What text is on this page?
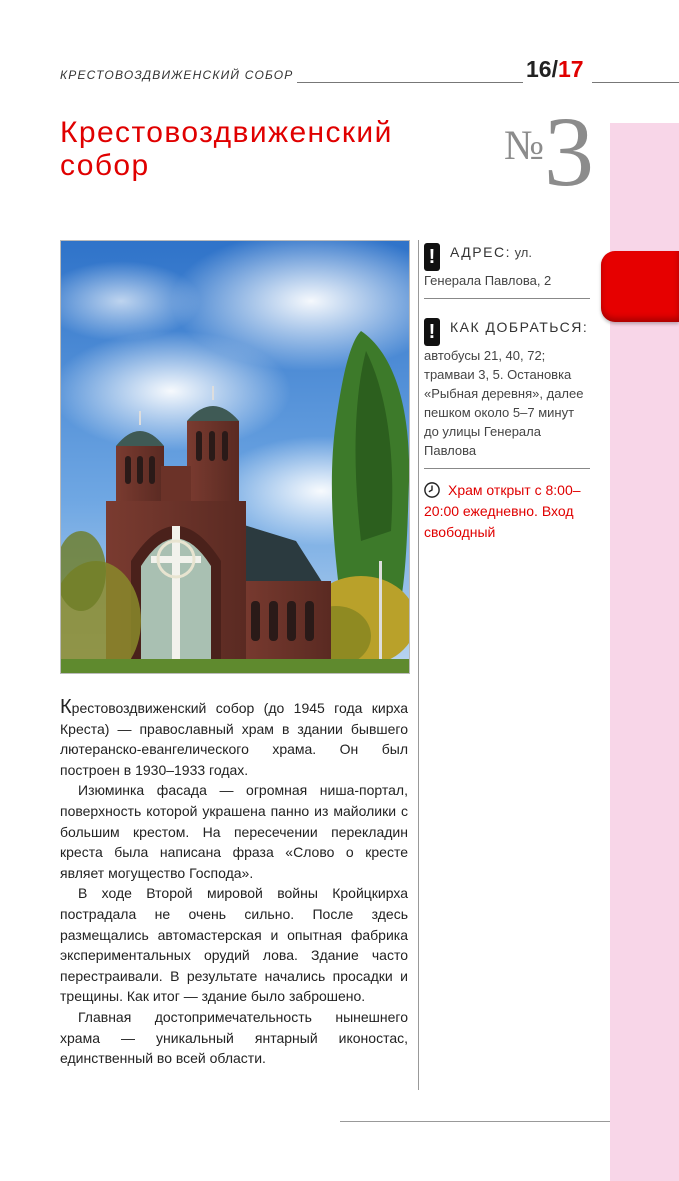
КРЕСТОВОЗДВИЖЕНСКИЙ СОБОР	16/17
Крестовоздвиженский
собор	№ 3
! АДРЕС: ул. Генерала Павлова, 2
! КАК ДОБРАТЬСЯ: автобусы 21, 40, 72; трамваи 3, 5. Остановка «Рыбная деревня», далее пешком около 5–7 минут до улицы Генерала Павлова
Храм открыт с 8:00–20:00 ежедневно. Вход свободный

Крестовоздвиженский собор (до 1945 года кирха Креста) — православный храм в здании бывшего лютеранско-евангелического храма. Он был построен в 1930–1933 годах.

Изюминка фасада — огромная ниша-портал, поверхность которой украшена панно из майолики с большим крестом. На пересечении перекладин креста была написана фраза «Слово о кресте являет могущество Господа».

В ходе Второй мировой войны Кройцкирха пострадала не очень сильно. После здесь размещались автомастерская и опытная фабрика экспериментальных орудий лова. Здание часто перестраивали. В результате начались просадки и трещины. Как итог — здание было заброшено.

Главная достопримечательность нынешнего храма — уникальный янтарный иконостас, единственный во всей области.
